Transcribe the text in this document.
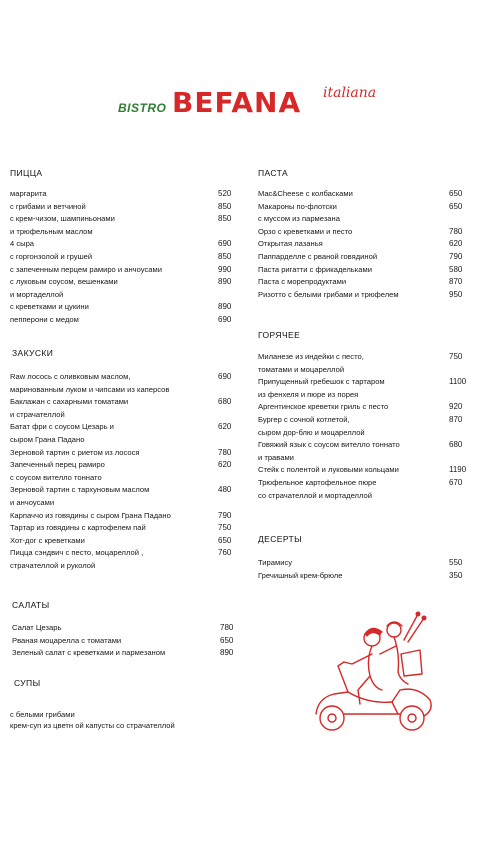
BISTRO BEFANA italiana
ПИЦЦА
маргарита	520
с грибами и ветчиной	850
с крем-чизом, шампиньонами	850
и трюфельным маслом
4 сыра	690
с горгонзолой и грушей	850
с запеченным перцем рамиро и анчоусами	990
с луковым соусом, вешенками	890
и мортаделлой
с креветками и цукини	890
пепперони с медом	690
ЗАКУСКИ
Raw лосось с оливковым маслом,	690
маринованным луком и чипсами из каперсов
Баклажан с сахарными томатами	680
и страчателлой
Батат фри с соусом Цезарь и	620
сыром Грана Падано
Зерновой тартин с риетом из лосося	780
Запеченный перец рамиро	620
с соусом вителло тоннато
Зерновой тартин с тархуновым маслом	480
и анчоусами
Карпаччо из говядины с сыром Грана Падано	790
Тартар из говядины с картофелем пай	750
Хот-дог с креветками	650
Пицца сэндвич с песто, моцареллой ,	760
страчателлой и руколой
САЛАТЫ
Салат Цезарь	780
Рваная моцарелла с томатами	650
Зеленый салат с креветками и пармезаном	890
СУПЫ
с белыми грибами
крем-суп из цветн ой капусты со страчателлой
ПАСТА
Mac&Cheese с колбасками	650
Макароны по-флотски	650
с муссом из пармезана
Орзо с креветками и песто	780
Открытая лазанья	620
Паппарделле с рваной говядиной	790
Паста ригатти с фрикадельками	580
Паста с морепродуктами	870
Ризотто с белыми грибами и трюфелем	950
ГОРЯЧЕЕ
Миланезе из индейки с песто,	750
томатами и моцареллой
Припущенный гребешок с тартаром	1100
из фенхеля и пюре из порея
Аргентинское креветки гриль с песто	920
Бургер с сочной котлетой,	870
сыром дор-блю и моцареллой
Говяжий язык с соусом вителло тоннато	680
и травами
Стейк с полентой и луковыми кольцами	1190
Трюфельное картофельное пюре	670
со страчателлой и мортаделлой
ДЕСЕРТЫ
Тирамису	550
Гречишный крем-брюле	350
